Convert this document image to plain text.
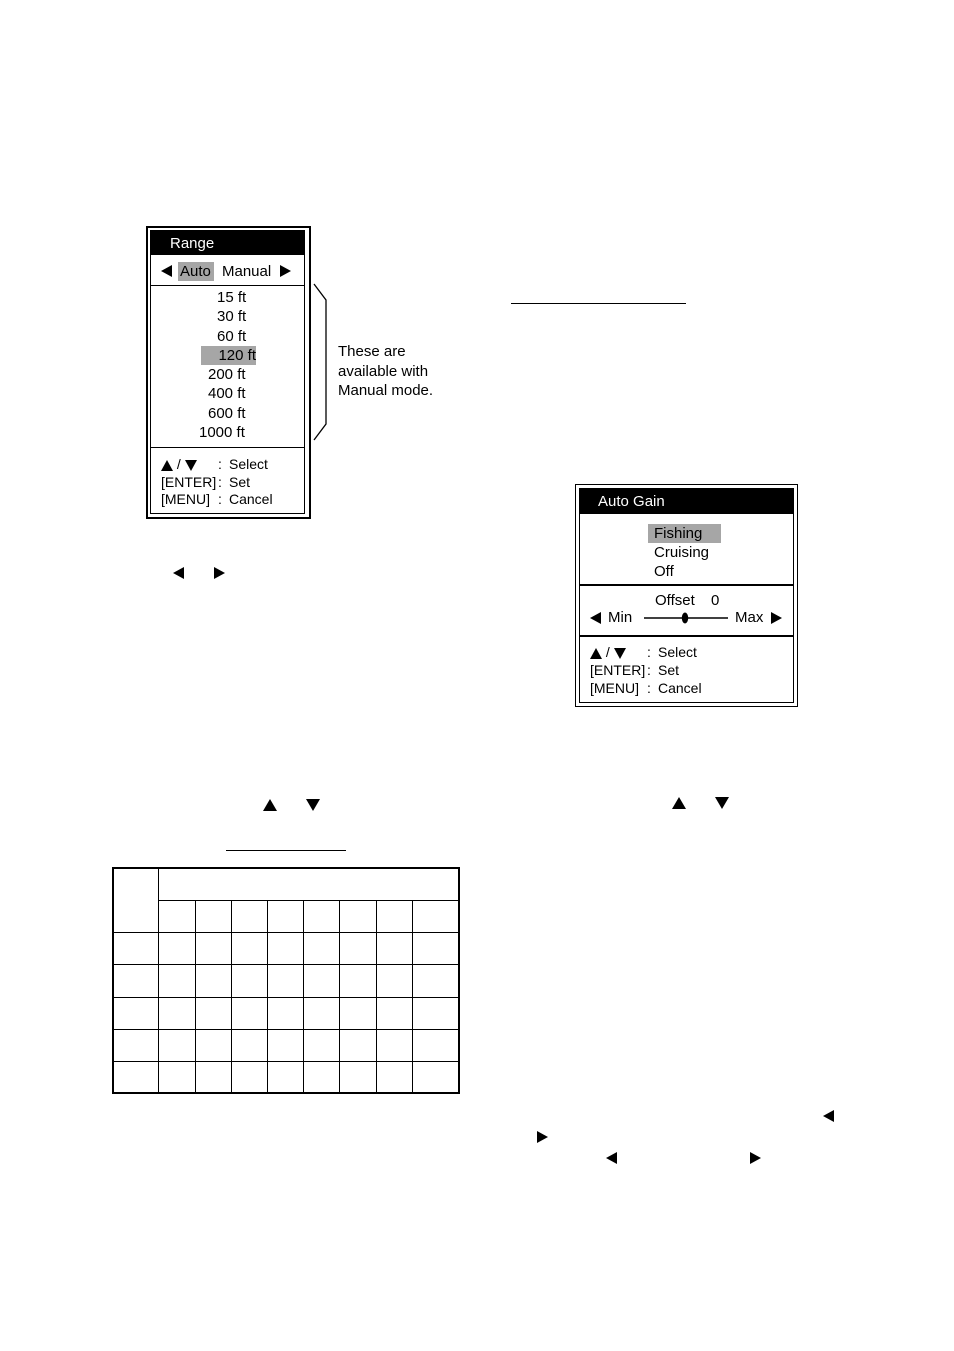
Range
Auto Manual
15 ft
30 ft
60 ft
120 ft
200 ft
400 ft
600 ft
1000 ft
/	: Select
[ENTER] : Set
[MENU] : Cancel
These are
available with
Manual mode.
Auto Gain
Fishing
Cruising
Off
Offset 0
Min	Max
/	: Select
[ENTER] : Set
[MENU] : Cancel
